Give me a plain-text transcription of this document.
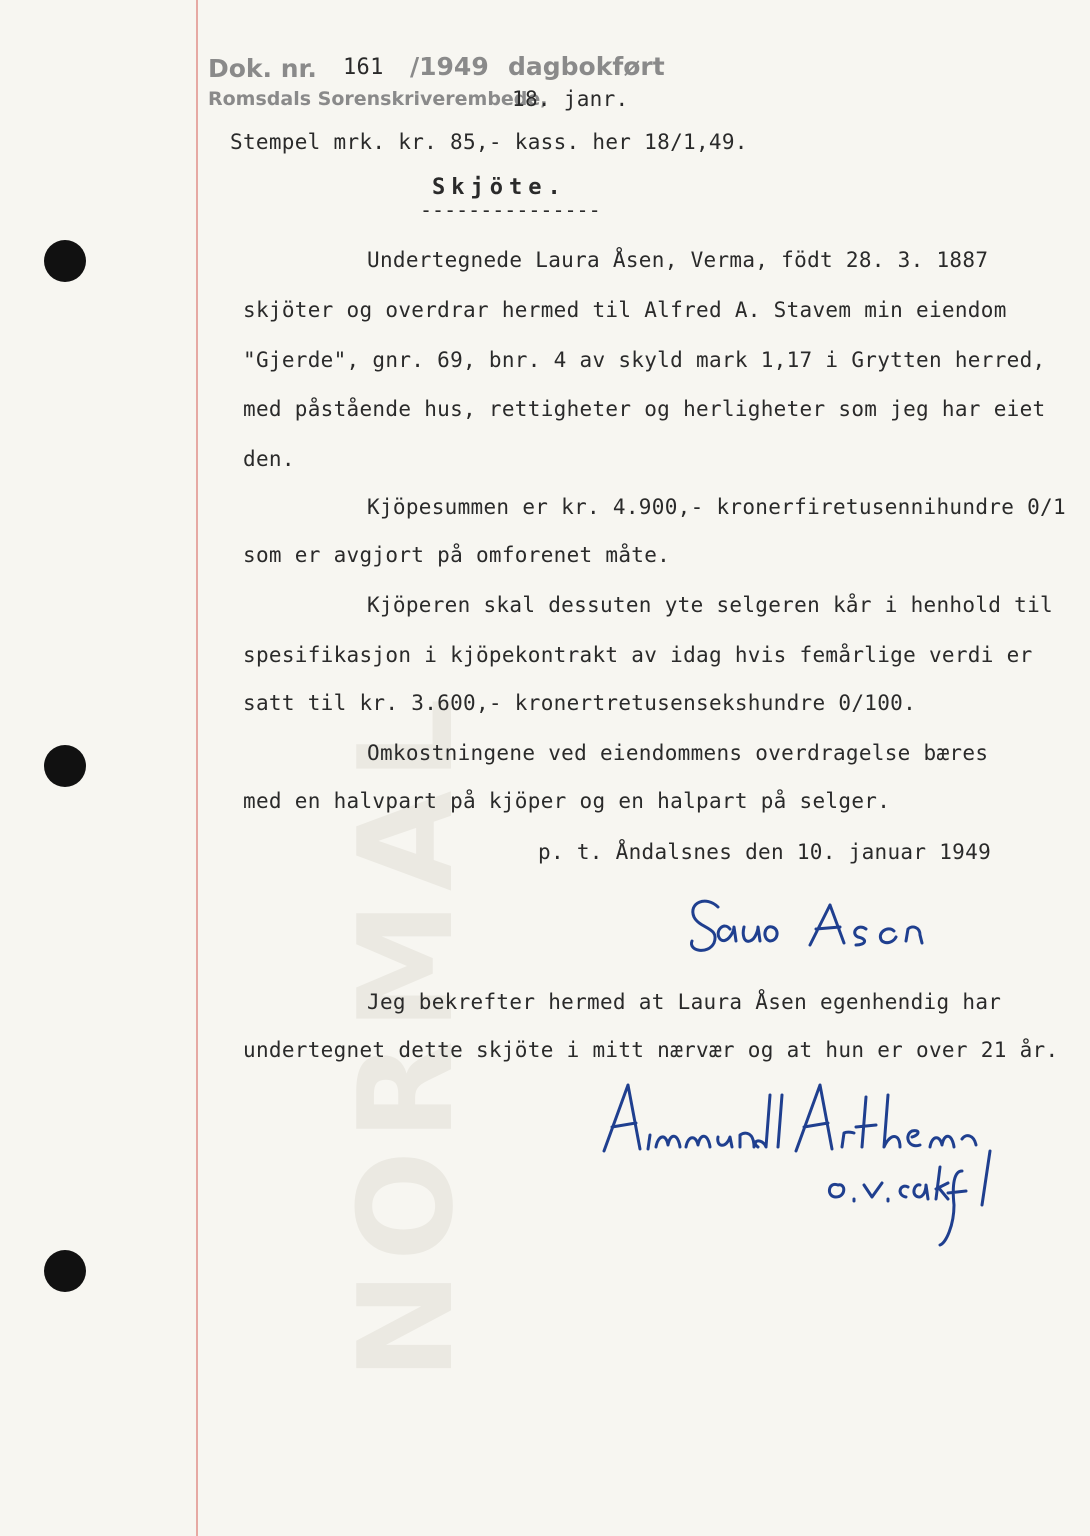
NORMAL
Dok. nr. 161 /1949 dagbokført
Romsdals Sorenskriverembede,
18. janr.
Stempel mrk. kr. 85,- kass. her 18/1,49.
Skjöte.
---------------
Undertegnede Laura Åsen, Verma, födt 28. 3. 1887
skjöter og overdrar hermed til Alfred A. Stavem min eiendom
"Gjerde", gnr. 69, bnr. 4 av skyld mark 1,17 i Grytten herred,
med påstående hus, rettigheter og herligheter som jeg har eiet
den.
Kjöpesummen er kr. 4.900,- kronerfiretusennihundre 0/1
som er avgjort på omforenet måte.
Kjöperen skal dessuten yte selgeren kår i henhold til
spesifikasjon i kjöpekontrakt av idag hvis femårlige verdi er
satt til kr. 3.600,- kronertretusensekshundre 0/100.
Omkostningene ved eiendommens overdragelse bæres
med en halvpart på kjöper og en halpart på selger.
p. t. Åndalsnes den 10. januar 1949
Jeg bekrefter hermed at Laura Åsen egenhendig har
undertegnet dette skjöte i mitt nærvær og at hun er over 21 år.
